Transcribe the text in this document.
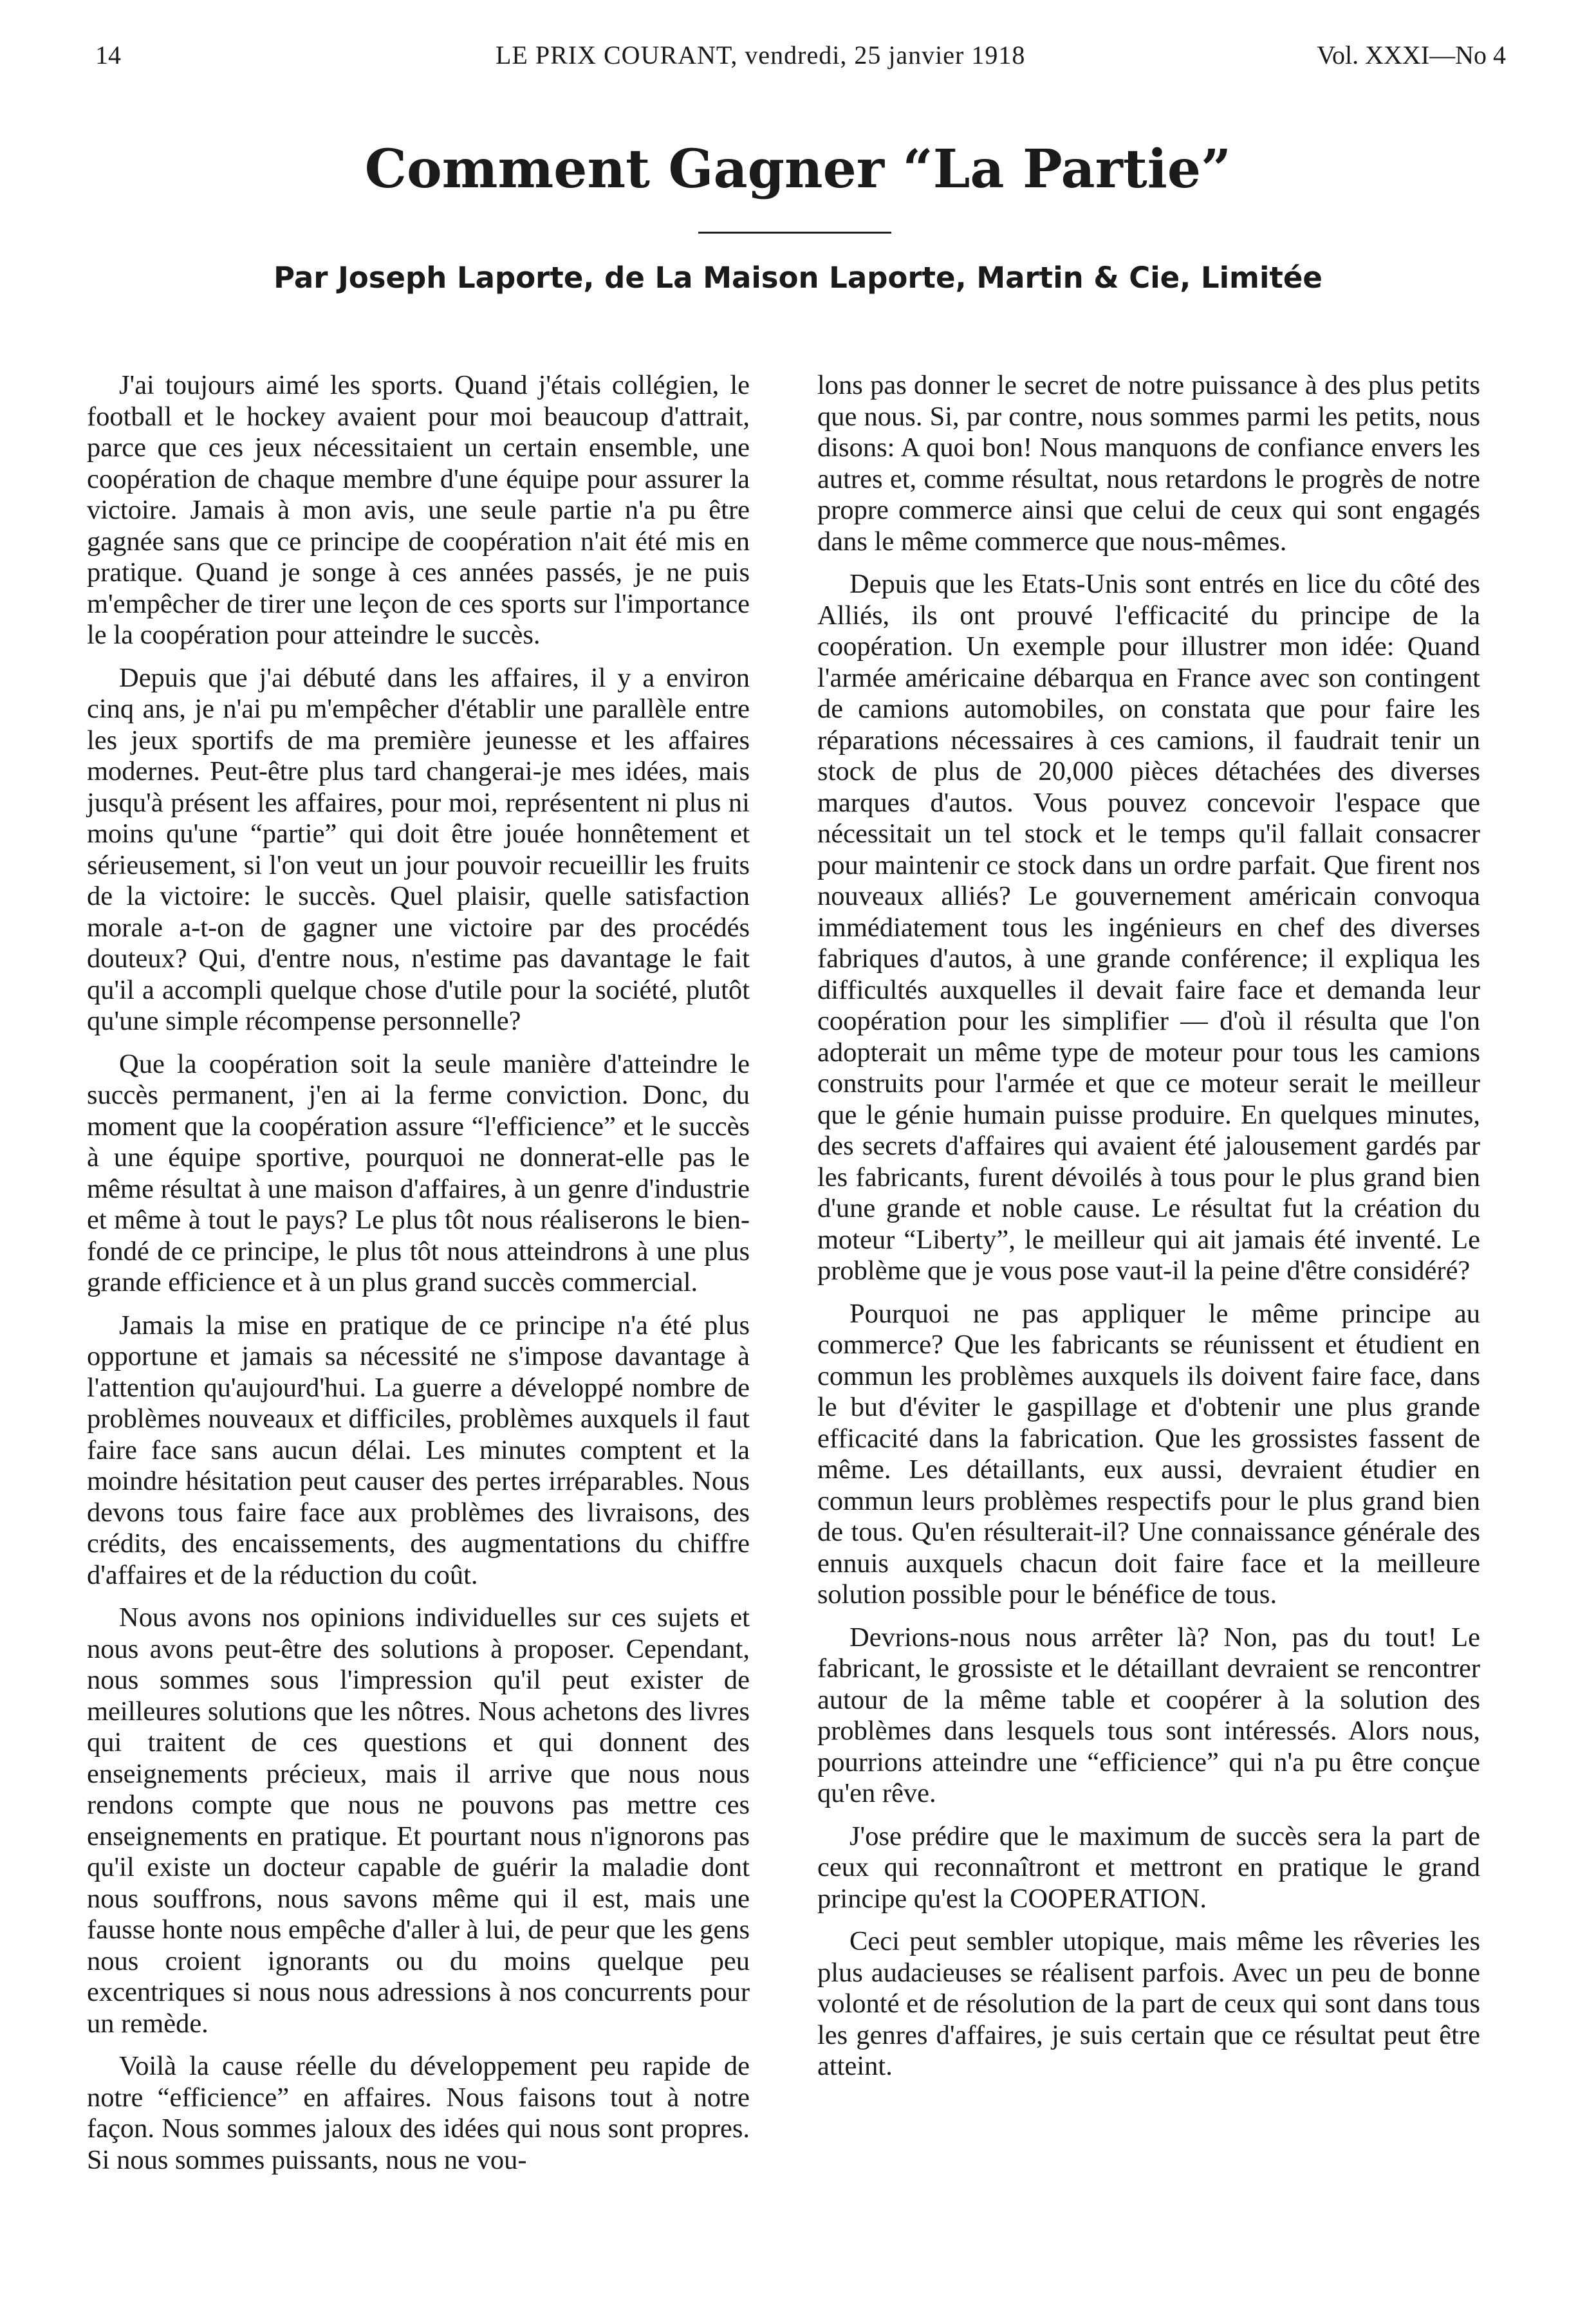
14	LE PRIX COURANT, vendredi, 25 janvier 1918	Vol. XXXI—No 4
Comment Gagner “La Partie”
Par Joseph Laporte, de La Maison Laporte, Martin & Cie, Limitée

J'ai toujours aimé les sports. Quand j'étais collégien, le football et le hockey avaient pour moi beaucoup d'attrait, parce que ces jeux nécessitaient un certain ensemble, une coopération de chaque membre d'une équipe pour assurer la victoire. Jamais à mon avis, une seule partie n'a pu être gagnée sans que ce principe de coopération n'ait été mis en pratique. Quand je songe à ces années passés, je ne puis m'empêcher de tirer une leçon de ces sports sur l'importance le la coopération pour atteindre le succès.

Depuis que j'ai débuté dans les affaires, il y a environ cinq ans, je n'ai pu m'empêcher d'établir une parallèle entre les jeux sportifs de ma première jeunesse et les affaires modernes. Peut-être plus tard changerai-je mes idées, mais jusqu'à présent les affaires, pour moi, représentent ni plus ni moins qu'une “partie” qui doit être jouée honnêtement et sérieusement, si l'on veut un jour pouvoir recueillir les fruits de la victoire: le succès. Quel plaisir, quelle satisfaction morale a-t-on de gagner une victoire par des procédés douteux? Qui, d'entre nous, n'estime pas davantage le fait qu'il a accompli quelque chose d'utile pour la société, plutôt qu'une simple récompense personnelle?

Que la coopération soit la seule manière d'atteindre le succès permanent, j'en ai la ferme conviction. Donc, du moment que la coopération assure “l'efficience” et le succès à une équipe sportive, pourquoi ne donnerat-elle pas le même résultat à une maison d'affaires, à un genre d'industrie et même à tout le pays? Le plus tôt nous réaliserons le bien-fondé de ce principe, le plus tôt nous atteindrons à une plus grande efficience et à un plus grand succès commercial.

Jamais la mise en pratique de ce principe n'a été plus opportune et jamais sa nécessité ne s'impose davantage à l'attention qu'aujourd'hui. La guerre a développé nombre de problèmes nouveaux et difficiles, problèmes auxquels il faut faire face sans aucun délai. Les minutes comptent et la moindre hésitation peut causer des pertes irréparables. Nous devons tous faire face aux problèmes des livraisons, des crédits, des encaissements, des augmentations du chiffre d'affaires et de la réduction du coût.

Nous avons nos opinions individuelles sur ces sujets et nous avons peut-être des solutions à proposer. Cependant, nous sommes sous l'impression qu'il peut exister de meilleures solutions que les nôtres. Nous achetons des livres qui traitent de ces questions et qui donnent des enseignements précieux, mais il arrive que nous nous rendons compte que nous ne pouvons pas mettre ces enseignements en pratique. Et pourtant nous n'ignorons pas qu'il existe un docteur capable de guérir la maladie dont nous souffrons, nous savons même qui il est, mais une fausse honte nous empêche d'aller à lui, de peur que les gens nous croient ignorants ou du moins quelque peu excentriques si nous nous adressions à nos concurrents pour un remède.

Voilà la cause réelle du développement peu rapide de notre “efficience” en affaires. Nous faisons tout à notre façon. Nous sommes jaloux des idées qui nous sont propres. Si nous sommes puissants, nous ne vou-

lons pas donner le secret de notre puissance à des plus petits que nous. Si, par contre, nous sommes parmi les petits, nous disons: A quoi bon! Nous manquons de confiance envers les autres et, comme résultat, nous retardons le progrès de notre propre commerce ainsi que celui de ceux qui sont engagés dans le même commerce que nous-mêmes.

Depuis que les Etats-Unis sont entrés en lice du côté des Alliés, ils ont prouvé l'efficacité du principe de la coopération. Un exemple pour illustrer mon idée: Quand l'armée américaine débarqua en France avec son contingent de camions automobiles, on constata que pour faire les réparations nécessaires à ces camions, il faudrait tenir un stock de plus de 20,000 pièces détachées des diverses marques d'autos. Vous pouvez concevoir l'espace que nécessitait un tel stock et le temps qu'il fallait consacrer pour maintenir ce stock dans un ordre parfait. Que firent nos nouveaux alliés? Le gouvernement américain convoqua immédiatement tous les ingénieurs en chef des diverses fabriques d'autos, à une grande conférence; il expliqua les difficultés auxquelles il devait faire face et demanda leur coopération pour les simplifier — d'où il résulta que l'on adopterait un même type de moteur pour tous les camions construits pour l'armée et que ce moteur serait le meilleur que le génie humain puisse produire. En quelques minutes, des secrets d'affaires qui avaient été jalousement gardés par les fabricants, furent dévoilés à tous pour le plus grand bien d'une grande et noble cause. Le résultat fut la création du moteur “Liberty”, le meilleur qui ait jamais été inventé. Le problème que je vous pose vaut-il la peine d'être considéré?

Pourquoi ne pas appliquer le même principe au commerce? Que les fabricants se réunissent et étudient en commun les problèmes auxquels ils doivent faire face, dans le but d'éviter le gaspillage et d'obtenir une plus grande efficacité dans la fabrication. Que les grossistes fassent de même. Les détaillants, eux aussi, devraient étudier en commun leurs problèmes respectifs pour le plus grand bien de tous. Qu'en résulterait-il? Une connaissance générale des ennuis auxquels chacun doit faire face et la meilleure solution possible pour le bénéfice de tous.

Devrions-nous nous arrêter là? Non, pas du tout! Le fabricant, le grossiste et le détaillant devraient se rencontrer autour de la même table et coopérer à la solution des problèmes dans lesquels tous sont intéressés. Alors nous, pourrions atteindre une “efficience” qui n'a pu être conçue qu'en rêve.

J'ose prédire que le maximum de succès sera la part de ceux qui reconnaîtront et mettront en pratique le grand principe qu'est la COOPERATION.

Ceci peut sembler utopique, mais même les rêveries les plus audacieuses se réalisent parfois. Avec un peu de bonne volonté et de résolution de la part de ceux qui sont dans tous les genres d'affaires, je suis certain que ce résultat peut être atteint.
